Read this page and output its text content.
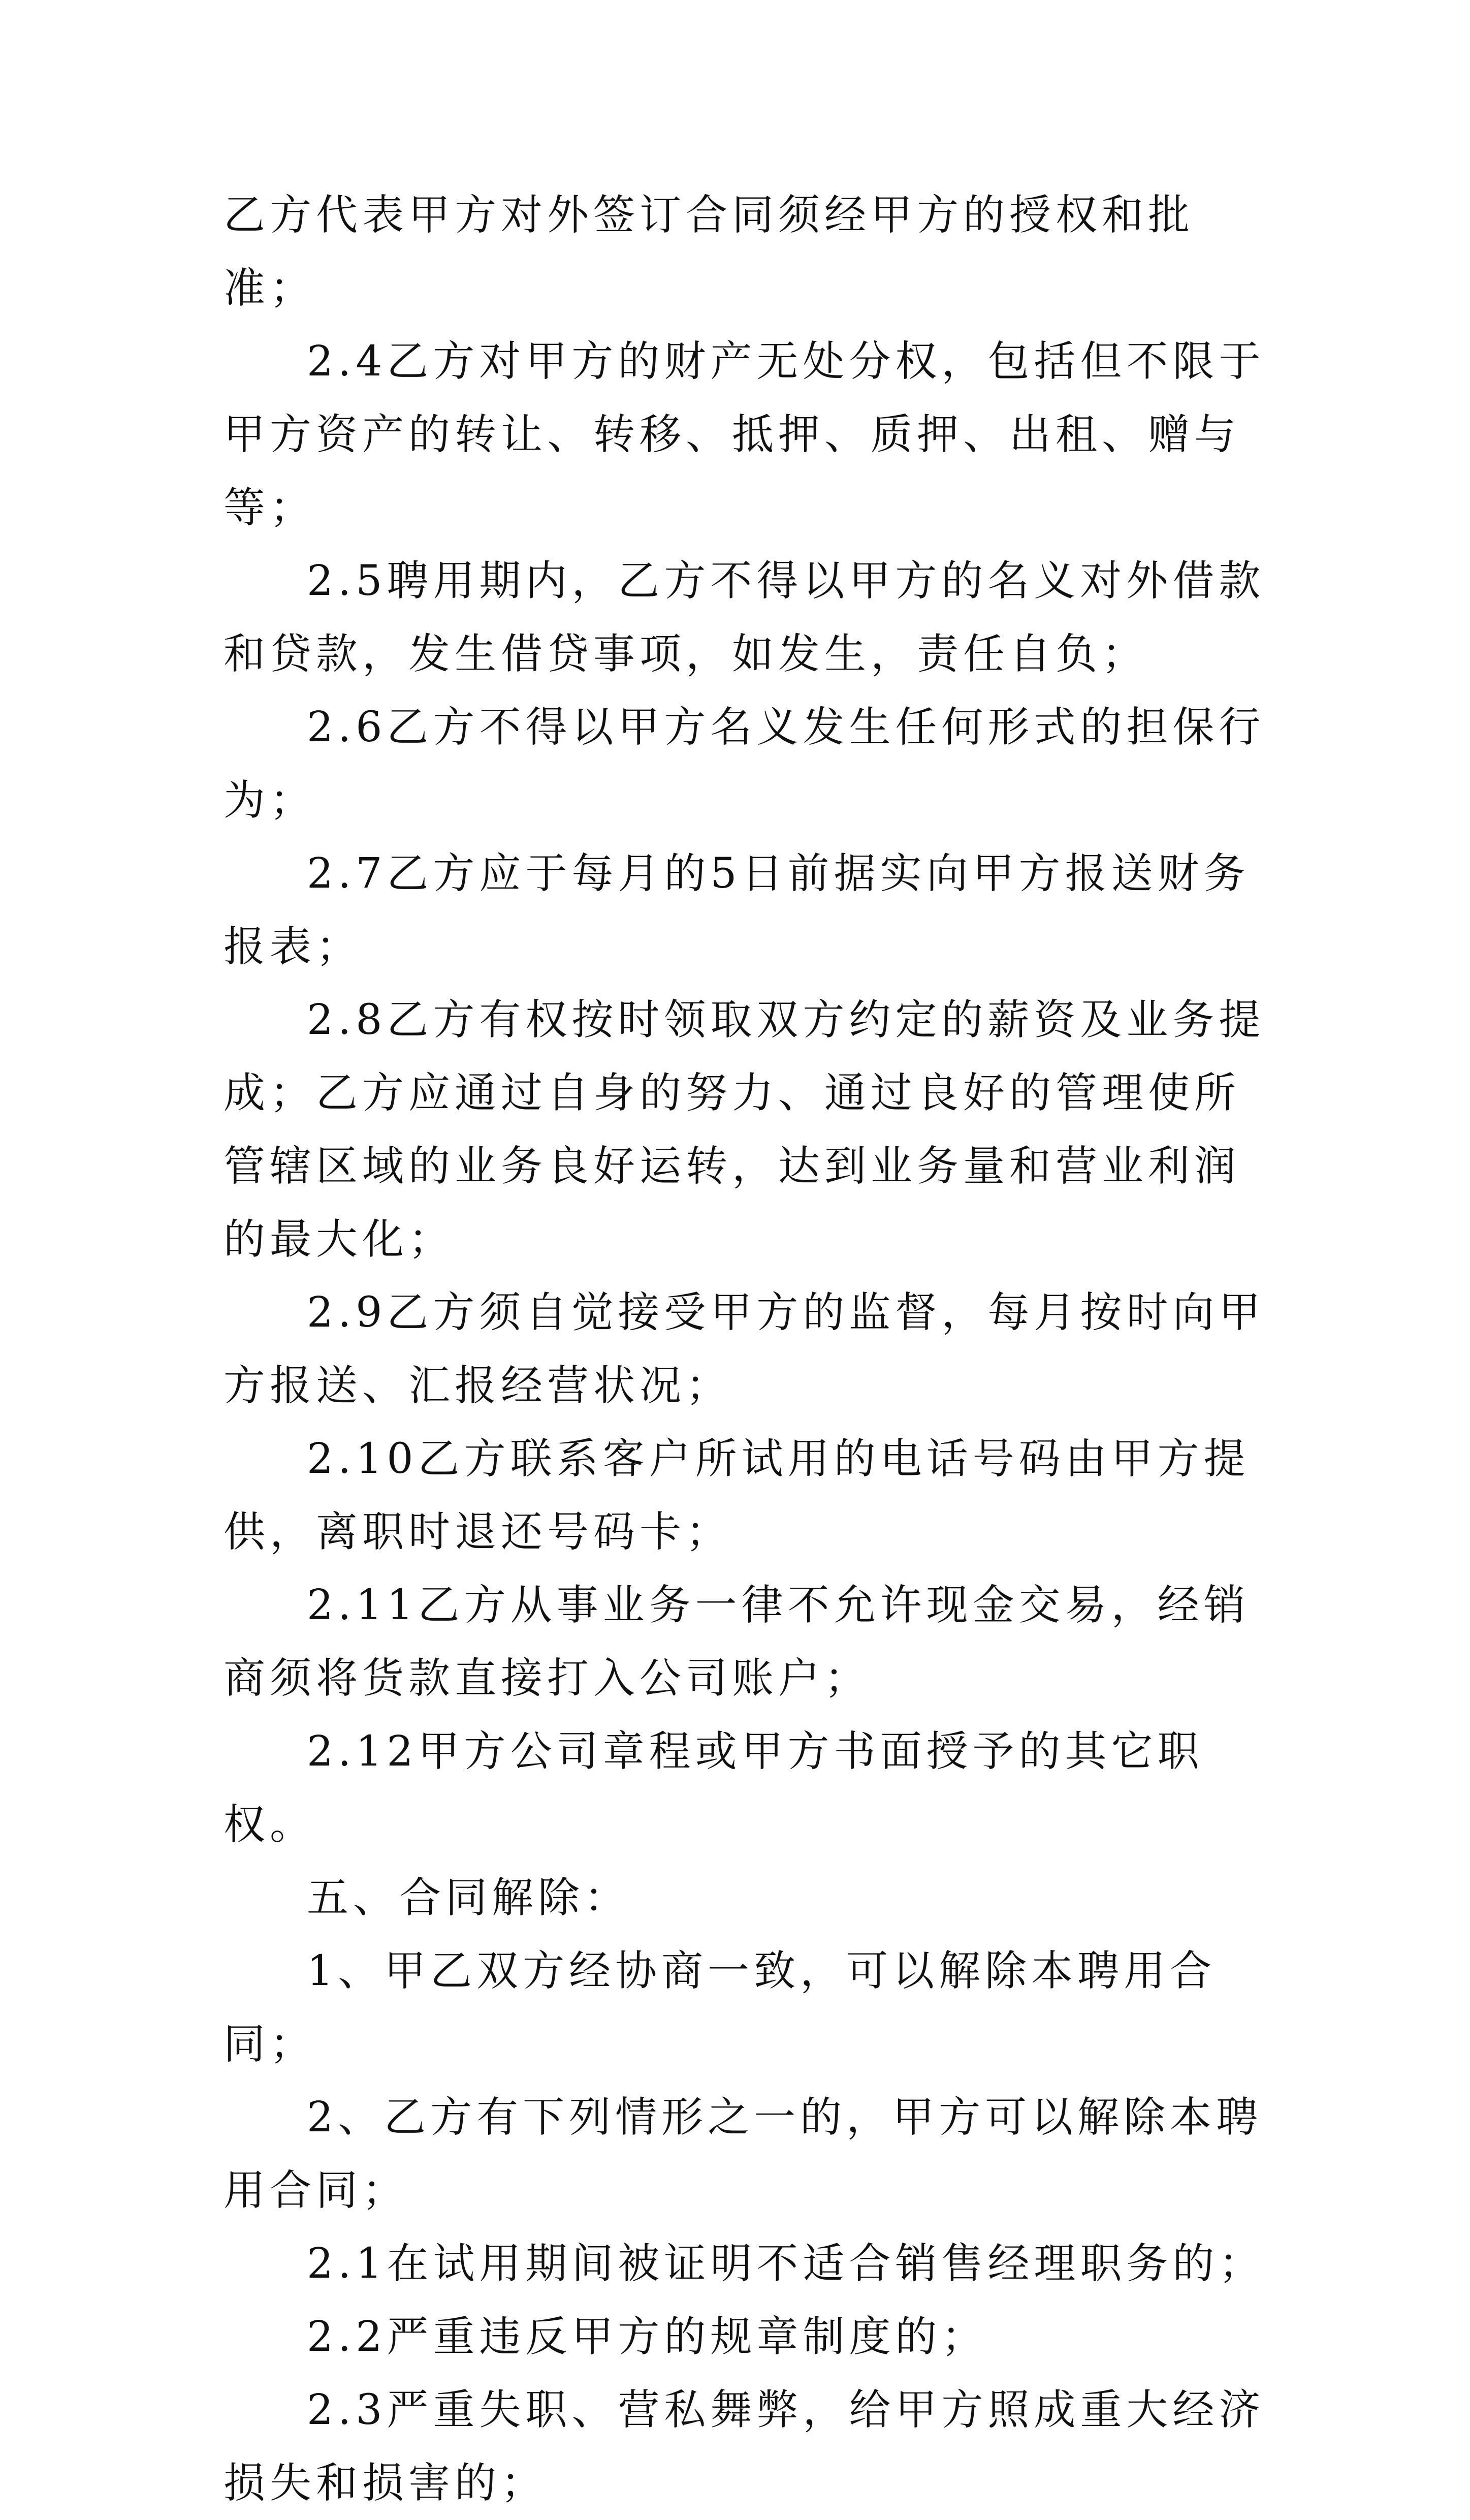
乙方代表甲方对外签订合同须经甲方的授权和批准；

2.4乙方对甲方的财产无处分权，包括但不限于甲方资产的转让、转移、抵押、质押、出租、赠与等；

2.5聘用期内，乙方不得以甲方的名义对外借款和贷款，发生借贷事项，如发生，责任自负；

2.6乙方不得以甲方名义发生任何形式的担保行为；

2.7乙方应于每月的5日前据实向甲方报送财务报表；

2.8乙方有权按时领取双方约定的薪资及业务提成；乙方应通过自身的努力、通过良好的管理使所管辖区域的业务良好运转，达到业务量和营业利润的最大化；

2.9乙方须自觉接受甲方的监督，每月按时向甲方报送、汇报经营状况；

2.10乙方联系客户所试用的电话号码由甲方提供，离职时退还号码卡；

2.11乙方从事业务一律不允许现金交易，经销商须将货款直接打入公司账户；

2.12甲方公司章程或甲方书面授予的其它职权。

五、合同解除：

1、甲乙双方经协商一致，可以解除本聘用合同；

2、乙方有下列情形之一的，甲方可以解除本聘用合同；

2.1在试用期间被证明不适合销售经理职务的；

2.2严重违反甲方的规章制度的；

2.3严重失职、营私舞弊，给甲方照成重大经济损失和损害的；
